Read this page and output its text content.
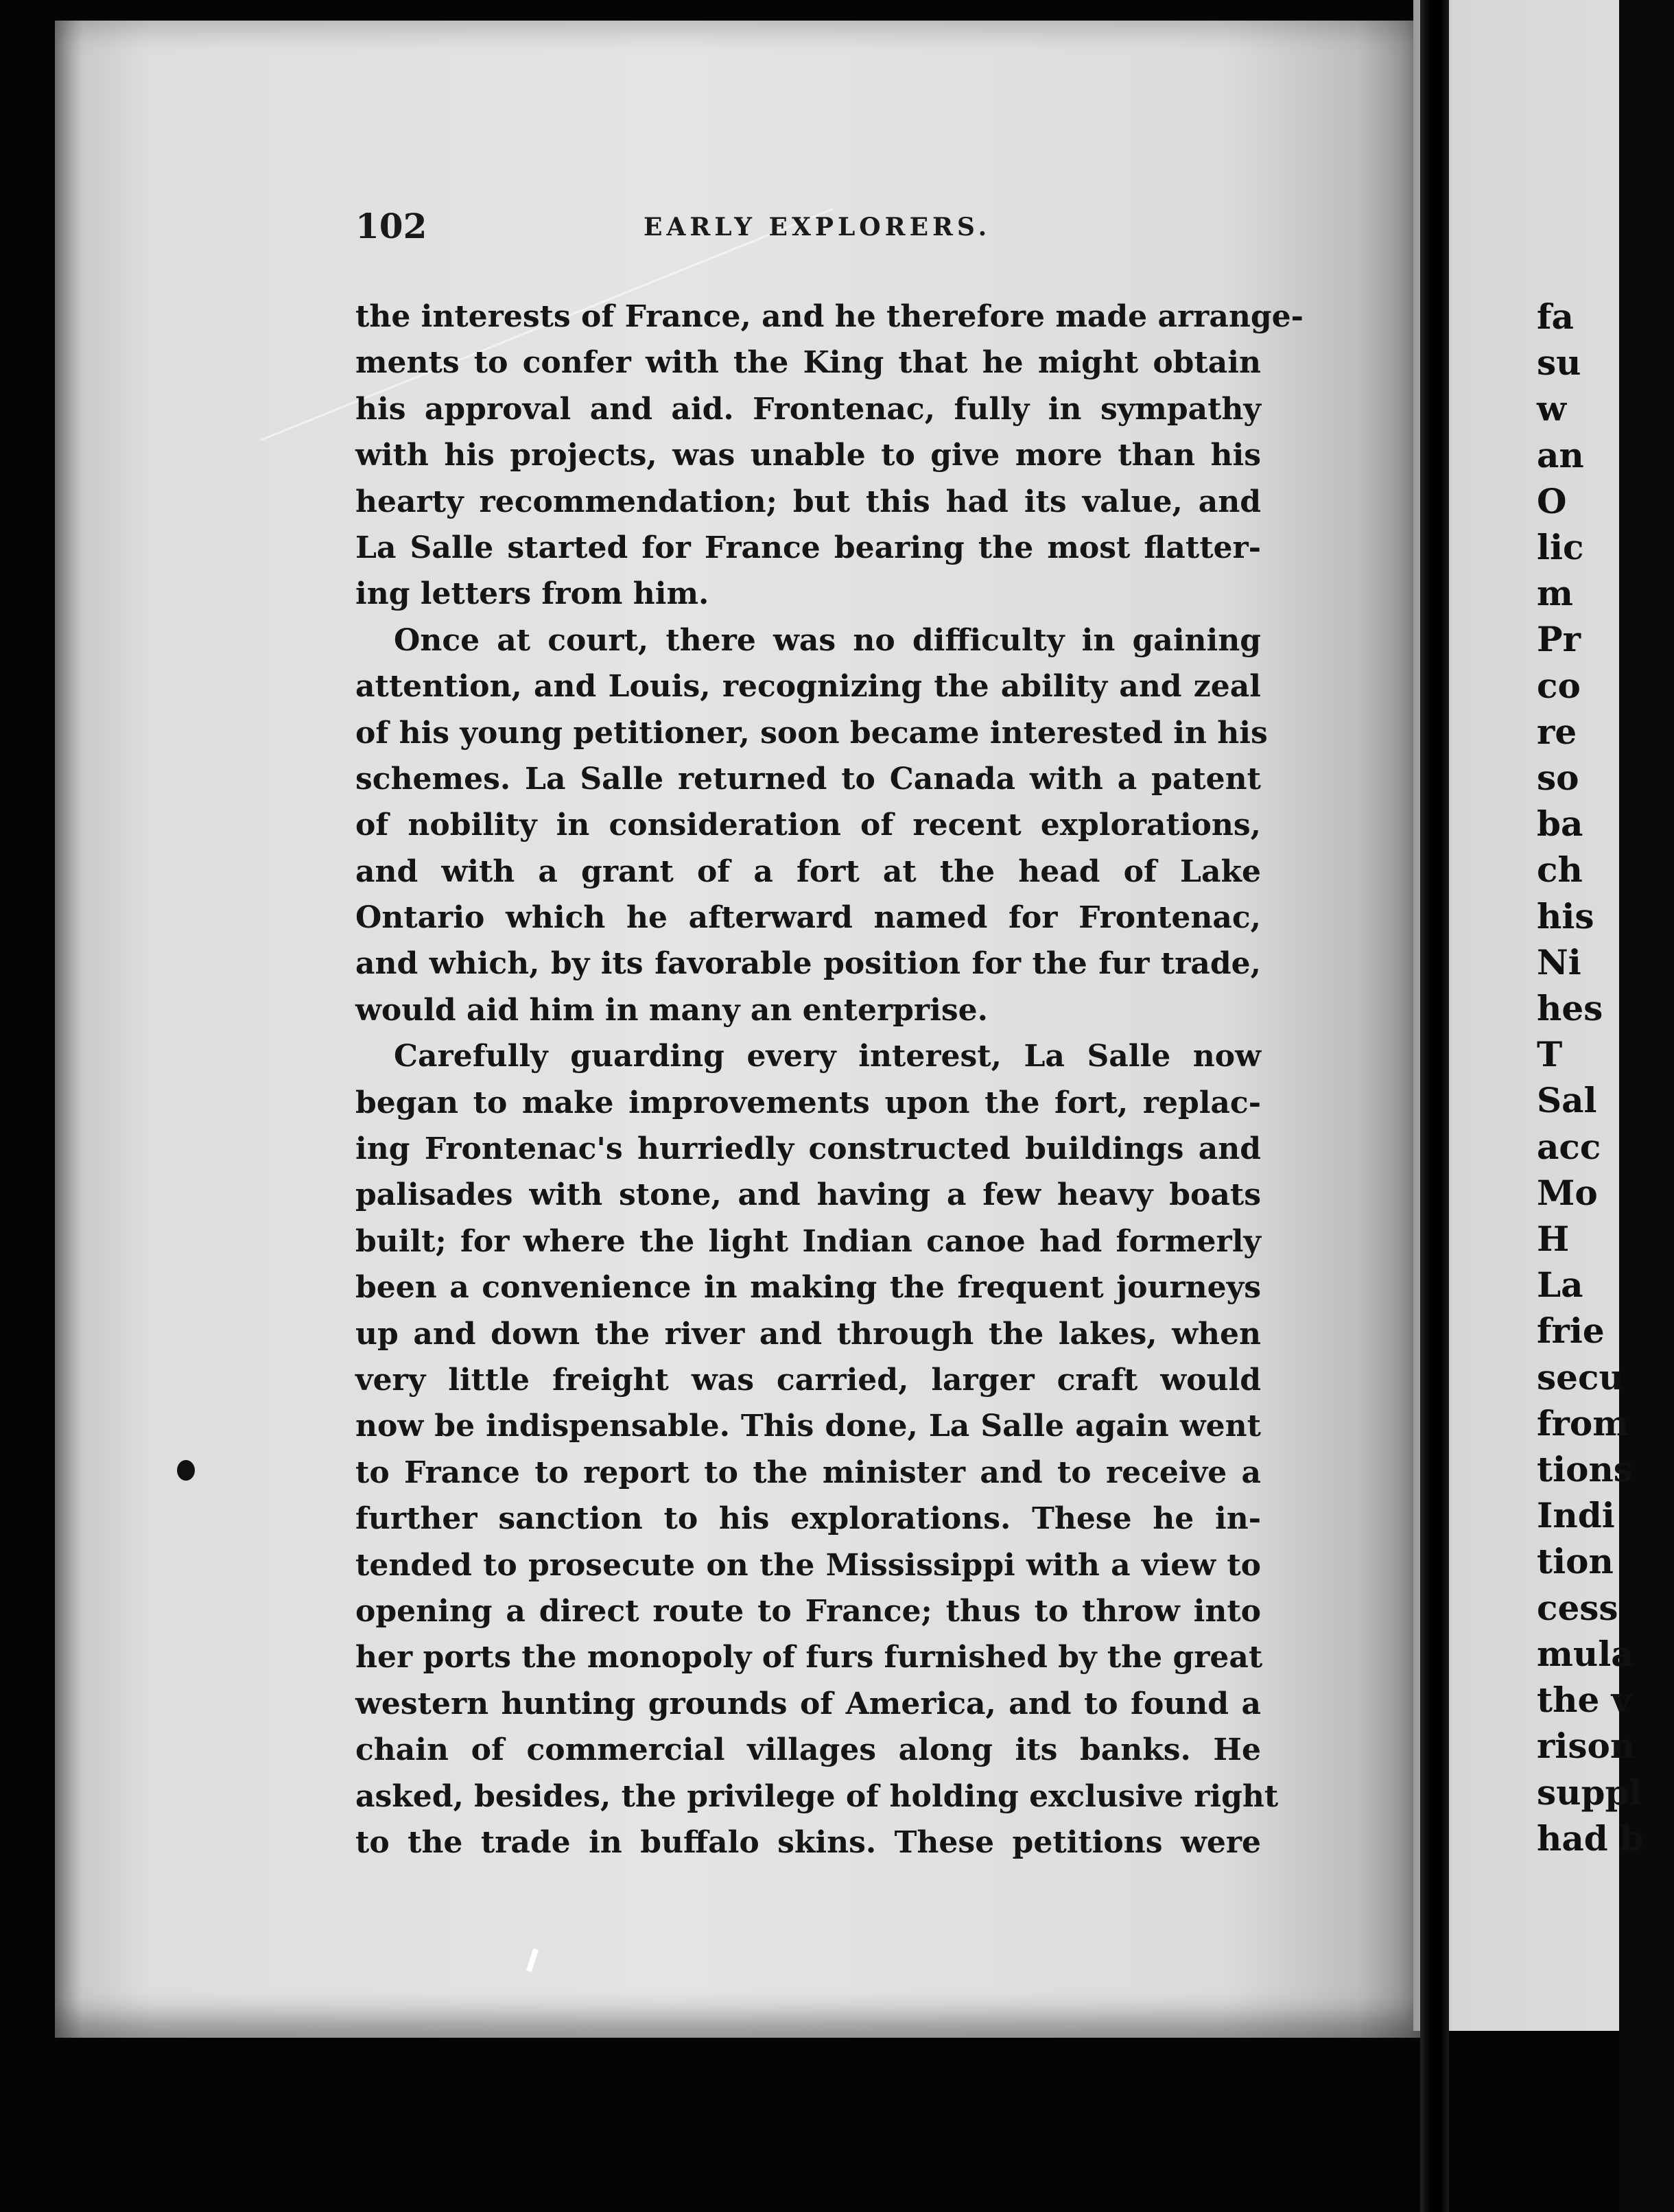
102	EARLY EXPLORERS.
the interests of France, and he therefore made arrange-
ments to confer with the King that he might obtain
his approval and aid. Frontenac, fully in sympathy
with his projects, was unable to give more than his
hearty recommendation; but this had its value, and
La Salle started for France bearing the most flatter-
ing letters from him.
Once at court, there was no difficulty in gaining
attention, and Louis, recognizing the ability and zeal
of his young petitioner, soon became interested in his
schemes. La Salle returned to Canada with a patent
of nobility in consideration of recent explorations,
and with a grant of a fort at the head of Lake
Ontario which he afterward named for Frontenac,
and which, by its favorable position for the fur trade,
would aid him in many an enterprise.
Carefully guarding every interest, La Salle now
began to make improvements upon the fort, replac-
ing Frontenac's hurriedly constructed buildings and
palisades with stone, and having a few heavy boats
built; for where the light Indian canoe had formerly
been a convenience in making the frequent journeys
up and down the river and through the lakes, when
very little freight was carried, larger craft would
now be indispensable. This done, La Salle again went
to France to report to the minister and to receive a
further sanction to his explorations. These he in-
tended to prosecute on the Mississippi with a view to
opening a direct route to France; thus to throw into
her ports the monopoly of furs furnished by the great
western hunting grounds of America, and to found a
chain of commercial villages along its banks. He
asked, besides, the privilege of holding exclusive right
to the trade in buffalo skins. These petitions were
fa
su
w
an
O
lic
m
Pr
co
re
so
ba
ch
his
Ni
hes
T
Sal
acc
Mo
H
La
frie
secu
from
tions
Indi
tion
cess
mula
the v
rison
suppl
had b
